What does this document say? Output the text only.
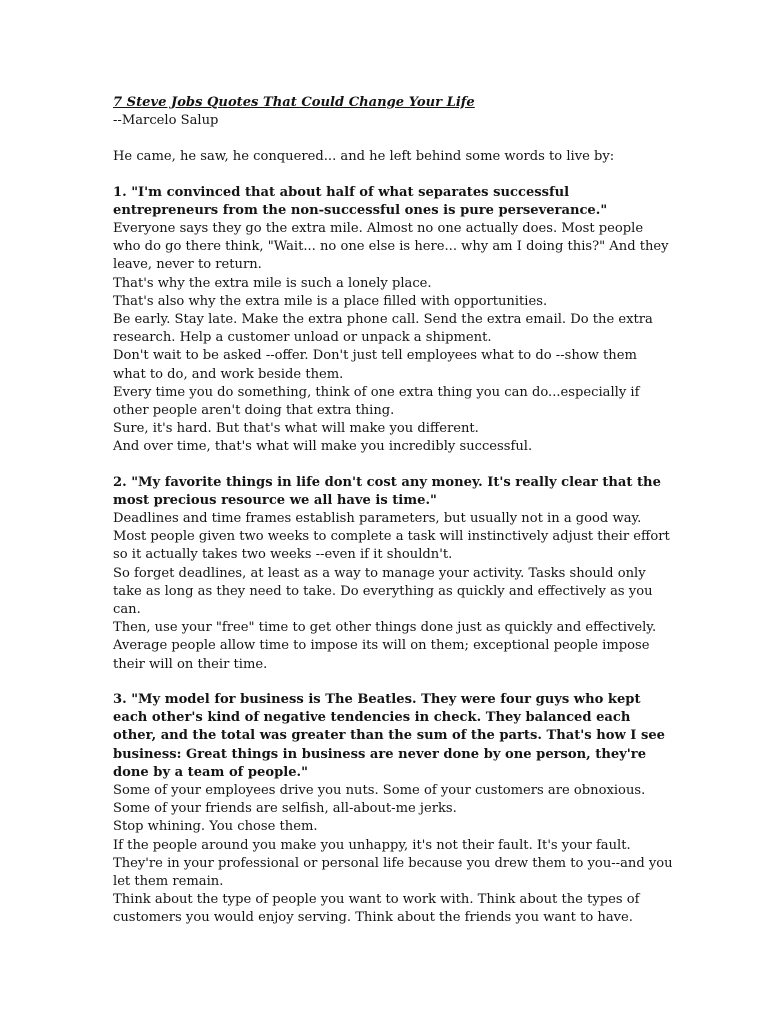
7 Steve Jobs Quotes That Could Change Your Life

--Marcelo Salup

He came, he saw, he conquered... and he left behind some words to live by:

1. "I'm convinced that about half of what separates successful entrepreneurs from the non-successful ones is pure perseverance."

Everyone says they go the extra mile. Almost no one actually does. Most people who do go there think, "Wait... no one else is here... why am I doing this?" And they leave, never to return.

That's why the extra mile is such a lonely place.

That's also why the extra mile is a place filled with opportunities.

Be early. Stay late. Make the extra phone call. Send the extra email. Do the extra research. Help a customer unload or unpack a shipment.

Don't wait to be asked --offer. Don't just tell employees what to do --show them what to do, and work beside them.

Every time you do something, think of one extra thing you can do...especially if other people aren't doing that extra thing.

Sure, it's hard. But that's what will make you different.

And over time, that's what will make you incredibly successful.

2. "My favorite things in life don't cost any money. It's really clear that the most precious resource we all have is time."

Deadlines and time frames establish parameters, but usually not in a good way. Most people given two weeks to complete a task will instinctively adjust their effort so it actually takes two weeks --even if it shouldn't.

So forget deadlines, at least as a way to manage your activity. Tasks should only take as long as they need to take. Do everything as quickly and effectively as you can.

Then, use your "free" time to get other things done just as quickly and effectively.

Average people allow time to impose its will on them; exceptional people impose their will on their time.

3. "My model for business is The Beatles. They were four guys who kept each other's kind of negative tendencies in check. They balanced each other, and the total was greater than the sum of the parts. That's how I see business: Great things in business are never done by one person, they're done by a team of people."

Some of your employees drive you nuts. Some of your customers are obnoxious. Some of your friends are selfish, all-about-me jerks.

Stop whining. You chose them.

If the people around you make you unhappy, it's not their fault. It's your fault. They're in your professional or personal life because you drew them to you--and you let them remain.

Think about the type of people you want to work with. Think about the types of customers you would enjoy serving. Think about the friends you want to have.
